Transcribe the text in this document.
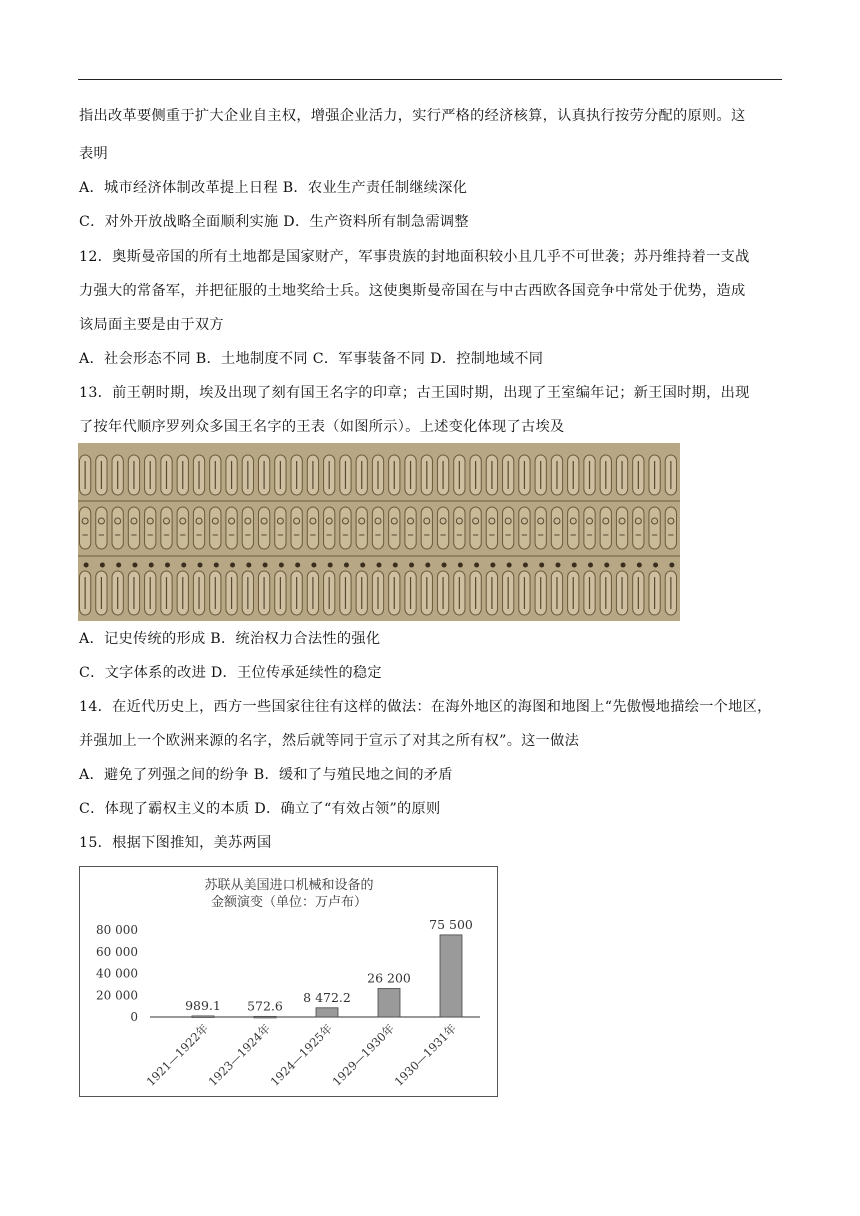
指出改革要侧重于扩大企业自主权，增强企业活力，实行严格的经济核算，认真执行按劳分配的原则。这
表明
A．城市经济体制改革提上日程 B．农业生产责任制继续深化
C．对外开放战略全面顺利实施 D．生产资料所有制急需调整
12．奥斯曼帝国的所有土地都是国家财产，军事贵族的封地面积较小且几乎不可世袭；苏丹维持着一支战
力强大的常备军，并把征服的土地奖给士兵。这使奥斯曼帝国在与中古西欧各国竞争中常处于优势，造成
该局面主要是由于双方
A．社会形态不同 B．土地制度不同 C．军事装备不同 D．控制地域不同
13．前王朝时期，埃及出现了刻有国王名字的印章；古王国时期，出现了王室编年记；新王国时期，出现
了按年代顺序罗列众多国王名字的王表（如图所示）。上述变化体现了古埃及
A．记史传统的形成 B．统治权力合法性的强化
C．文字体系的改进 D．王位传承延续性的稳定
14．在近代历史上，西方一些国家往往有这样的做法：在海外地区的海图和地图上“先傲慢地描绘一个地区，
并强加上一个欧洲来源的名字，然后就等同于宣示了对其之所有权”。这一做法
A．避免了列强之间的纷争 B．缓和了与殖民地之间的矛盾
C．体现了霸权主义的本质 D．确立了“有效占领”的原则
15．根据下图推知，美苏两国
苏联从美国进口机械和设备的
金额演变（单位：万卢布）
0
20 000
40 000
60 000
80 000
989.1
1921—1922年
572.6
1923—1924年
8 472.2
1924—1925年
26 200
1929—1930年
75 500
1930—1931年
